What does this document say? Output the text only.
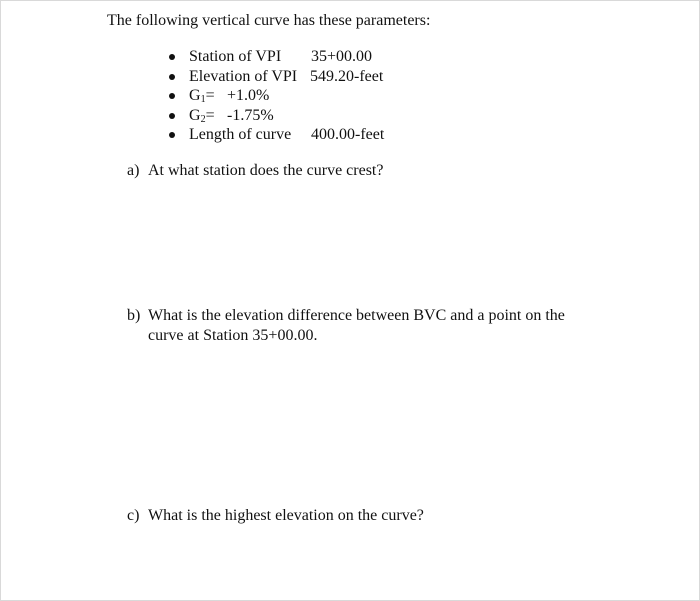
The following vertical curve has these parameters:
Station of VPI 35+00.00
Elevation of VPI 549.20-feet
$G_1= +1.0\%$
$G_2= -1.75\%$
Length of curve 400.00-feet
a) At what station does the curve crest?
b) What is the elevation difference between BVC and a point on the
curve at Station 35+00.00.
c) What is the highest elevation on the curve?
